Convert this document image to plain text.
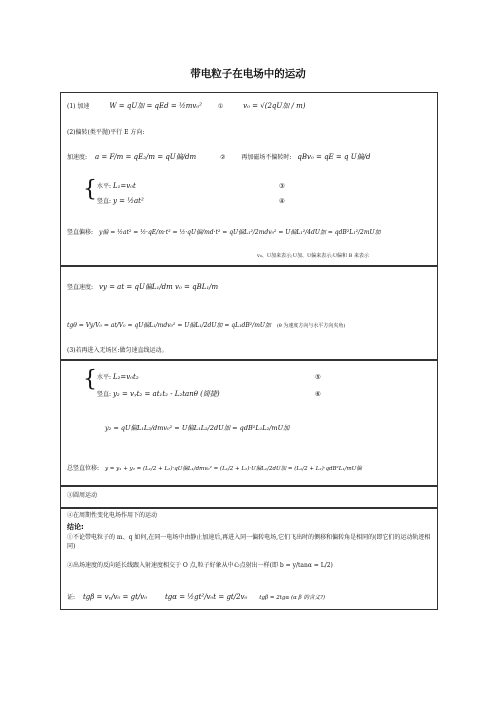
带电粒子在电场中的运动
(1) 加速	W = qU加 = qEd = ½mv₀²	①	v₀ = √(2qU加 / m)
(2)偏转(类平抛)平行 E 方向:
加速度: a = F/m = qE₂/m = qU偏/dm	②	再加磁场不偏转时: qBv₀ = qE = q U偏/d
{ 水平: L₁=v₀t	③
竖直: y = ½at²	④
竖直偏移: y偏 = ½at² = ½·qE/m·t² = ½·qU偏/md·t² = qU偏L₁²/2mdv₀² = U偏L₁²/4dU加 = qdB²L₁²/2mU加
v₀、U加来表示;U加、U偏来表示;U偏和 B 来表示
竖直速度: vy = at = qU偏L₁/dm v₀ = qBL₁/m
tgθ = Vy/V₀ = at/V₀ = qU偏L₁/mdv₀² = U偏L₁/2dU加 = qL₁dB²/mU加 (θ 为速度方向与水平方向夹角)
(3)若再进入无场区:做匀速直线运动。
{ 水平: L₂=v₀t₂	⑤
竖直: y₂ = vᵧt₂ = at₁t₂ - L₂tanθ (简捷)	⑥
y₂ = qU偏L₁L₂/dmv₀² = U偏L₁L₂/2dU加 = qdB²L₁L₂/mU加
总竖直位移: y = y₁ + y₂ = (L₁/2 + L₂)·qU偏L₁/dmv₀² = (L₁/2 + L₂)·U偏L₁/2dU加 = (L₁/2 + L₂)·qdB²L₁/mU偏
③圆周运动
④在周期性变化电场作用下的运动
结论:
①不论带电粒子的 m、q 如何,在同一电场中由静止加速后,再进入同一偏转电场,它们飞出时的侧移和偏转角是相同的(即它们的运动轨迹相同)
②出场速度的反向延长线跟入射速度相交于 O 点,粒子好象从中心点射出一样(即 b = y/tanα = L/2)
证: tgβ = vᵧ/v₀ = gt/v₀	tgα = ½gt²/v₀t = gt/2v₀ tgβ = 2tgα (α β 的含义?)
